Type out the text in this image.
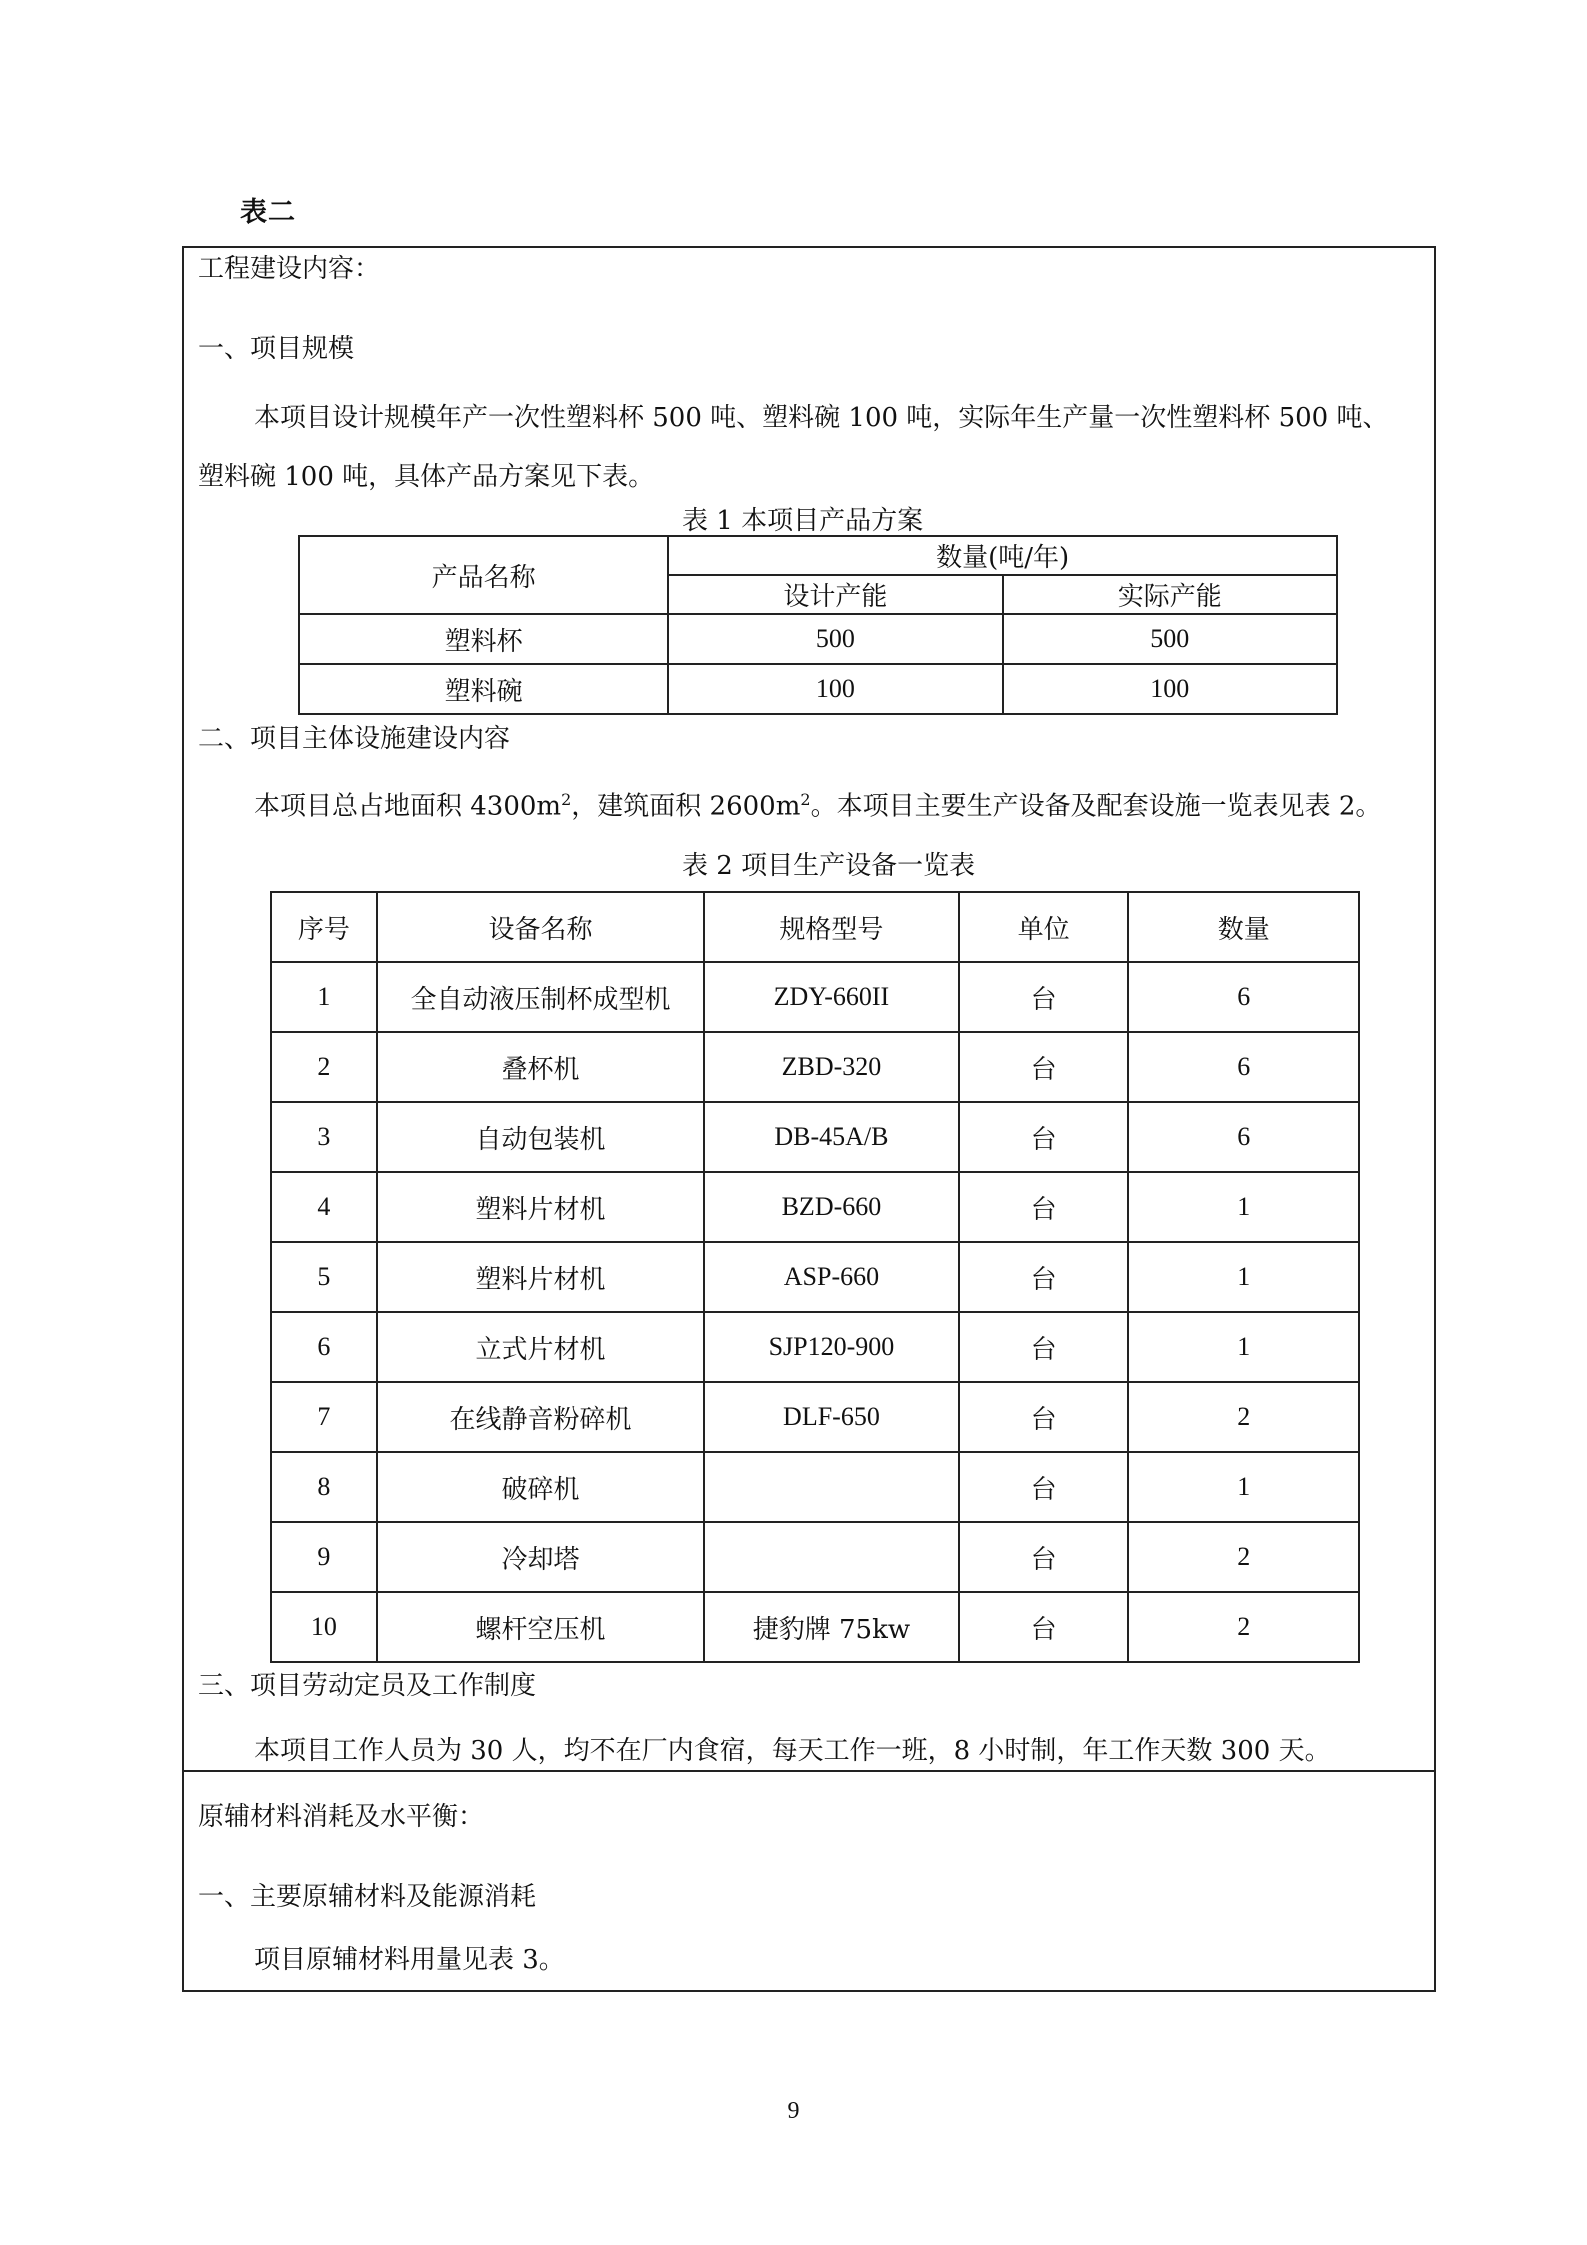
表二
工程建设内容：
一、项目规模
本项目设计规模年产一次性塑料杯 500 吨、塑料碗 100 吨，实际年生产量一次性塑料杯 500 吨、
塑料碗 100 吨，具体产品方案见下表。
表 1 本项目产品方案
产品名称	数量(吨/年)	
	设计产能	实际产能
塑料杯	500	500
塑料碗	100	100
二、项目主体设施建设内容
本项目总占地面积 $4300m^2$，建筑面积 $2600m^2$。本项目主要生产设备及配套设施一览表见表 2。
表 2 项目生产设备一览表
序号	设备名称	规格型号	单位	数量
1	全自动液压制杯成型机	ZDY-660II	台	6
2	叠杯机	ZBD-320	台	6
3	自动包装机	DB-45A/B	台	6
4	塑料片材机	BZD-660	台	1
5	塑料片材机	ASP-660	台	1
6	立式片材机	SJP120-900	台	1
7	在线静音粉碎机	DLF-650	台	2
8	破碎机		台	1
9	冷却塔		台	2
10	螺杆空压机	捷豹牌 75kw	台	2
三、项目劳动定员及工作制度
本项目工作人员为 30 人，均不在厂内食宿，每天工作一班，8 小时制，年工作天数 300 天。
原辅材料消耗及水平衡：
一、主要原辅材料及能源消耗
项目原辅材料用量见表 3。
9
